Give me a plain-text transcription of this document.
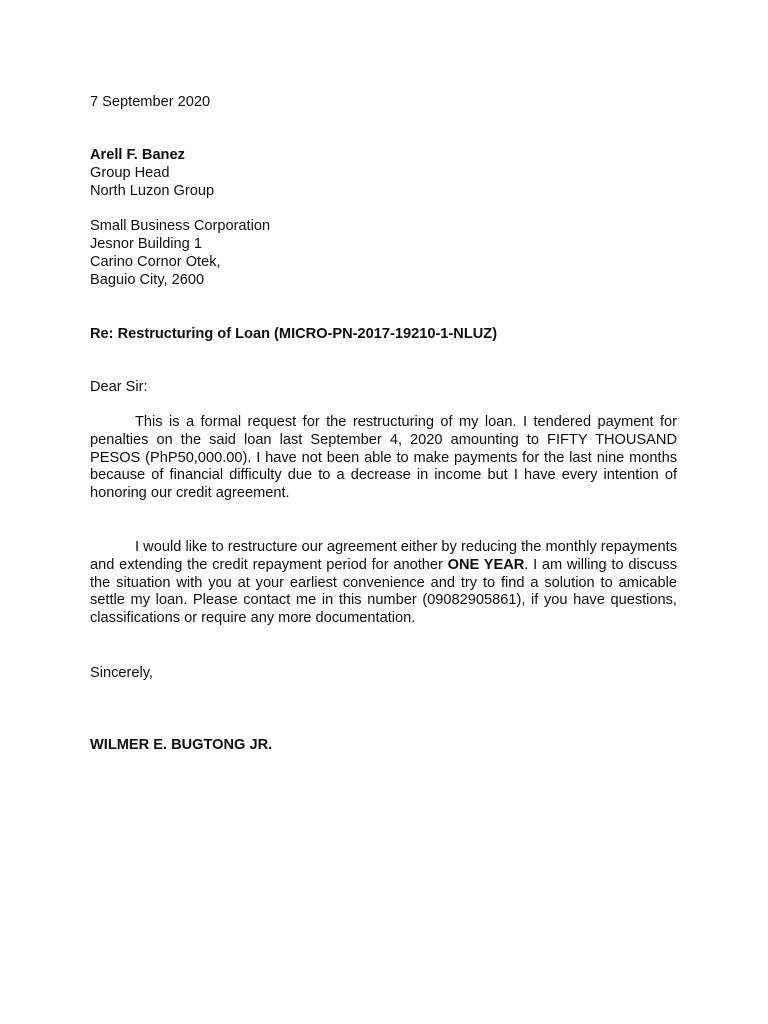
7 September 2020
Arell F. Banez
Group Head
North Luzon Group
Small Business Corporation
Jesnor Building 1
Carino Cornor Otek,
Baguio City, 2600
Re: Restructuring of Loan (MICRO-PN-2017-19210-1-NLUZ)
Dear Sir:
This is a formal request for the restructuring of my loan. I tendered payment for penalties on the said loan last September 4, 2020 amounting to FIFTY THOUSAND PESOS (PhP50,000.00). I have not been able to make payments for the last nine months because of financial difficulty due to a decrease in income but I have every intention of honoring our credit agreement.
I would like to restructure our agreement either by reducing the monthly repayments and extending the credit repayment period for another ONE YEAR. I am willing to discuss the situation with you at your earliest convenience and try to find a solution to amicable settle my loan. Please contact me in this number (09082905861), if you have questions, classifications or require any more documentation.
Sincerely,
WILMER E. BUGTONG JR.
